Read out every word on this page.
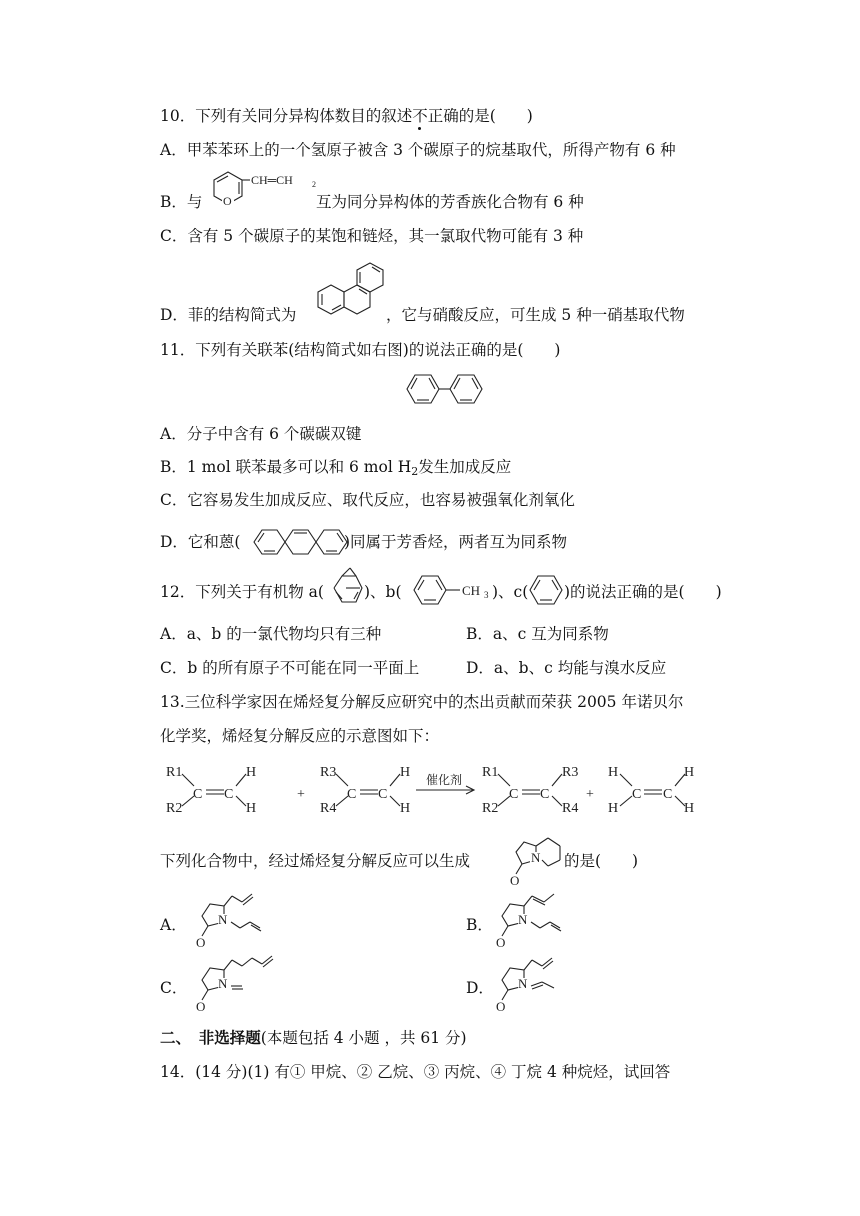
10．下列有关同分异构体数目的叙述不正确的是(　　)
A．甲苯苯环上的一个氢原子被含 3 个碳原子的烷基取代，所得产物有 6 种
B．与 O
CH═CH 2
互为同分异构体的芳香族化合物有 6 种
C．含有 5 个碳原子的某饱和链烃，其一氯取代物可能有 3 种
D．菲的结构简式为	，它与硝酸反应，可生成 5 种一硝基取代物
11．下列有关联苯(结构简式如右图)的说法正确的是(　　)
A．分子中含有 6 个碳碳双键
B．1 mol 联苯最多可以和 6 mol $H_2$发生加成反应
C．它容易发生加成反应、取代反应，也容易被强氧化剂氧化
D．它和蒽(	)同属于芳香烃，两者互为同系物
12．下列关于有机物 a(	)、b(	CH 3 )、c( )的说法正确的是(　　)
A．a、b 的一氯代物均只有三种	B．a、c 互为同系物
C．b 的所有原子不可能在同一平面上	D．a、b、c 均能与溴水反应
13.三位科学家因在烯烃复分解反应研究中的杰出贡献而荣获 2005 年诺贝尔
化学奖，烯烃复分解反应的示意图如下：
R1
R2
C C
H
H
+
R3
R4
C C
H
H
催化剂 R1
R2
C C
R3
R4
+
H
H
C C
H
H
下列化合物中，经过烯烃复分解反应可以生成	N
O
的是(　　)
A． N
O
B． N
O
C． N
O
D． N
O
二、　非选择题(本题包括 4 小题 ，共 61 分)
14．(14 分)(1) 有① 甲烷、② 乙烷、③ 丙烷、④ 丁烷 4 种烷烃，试回答
